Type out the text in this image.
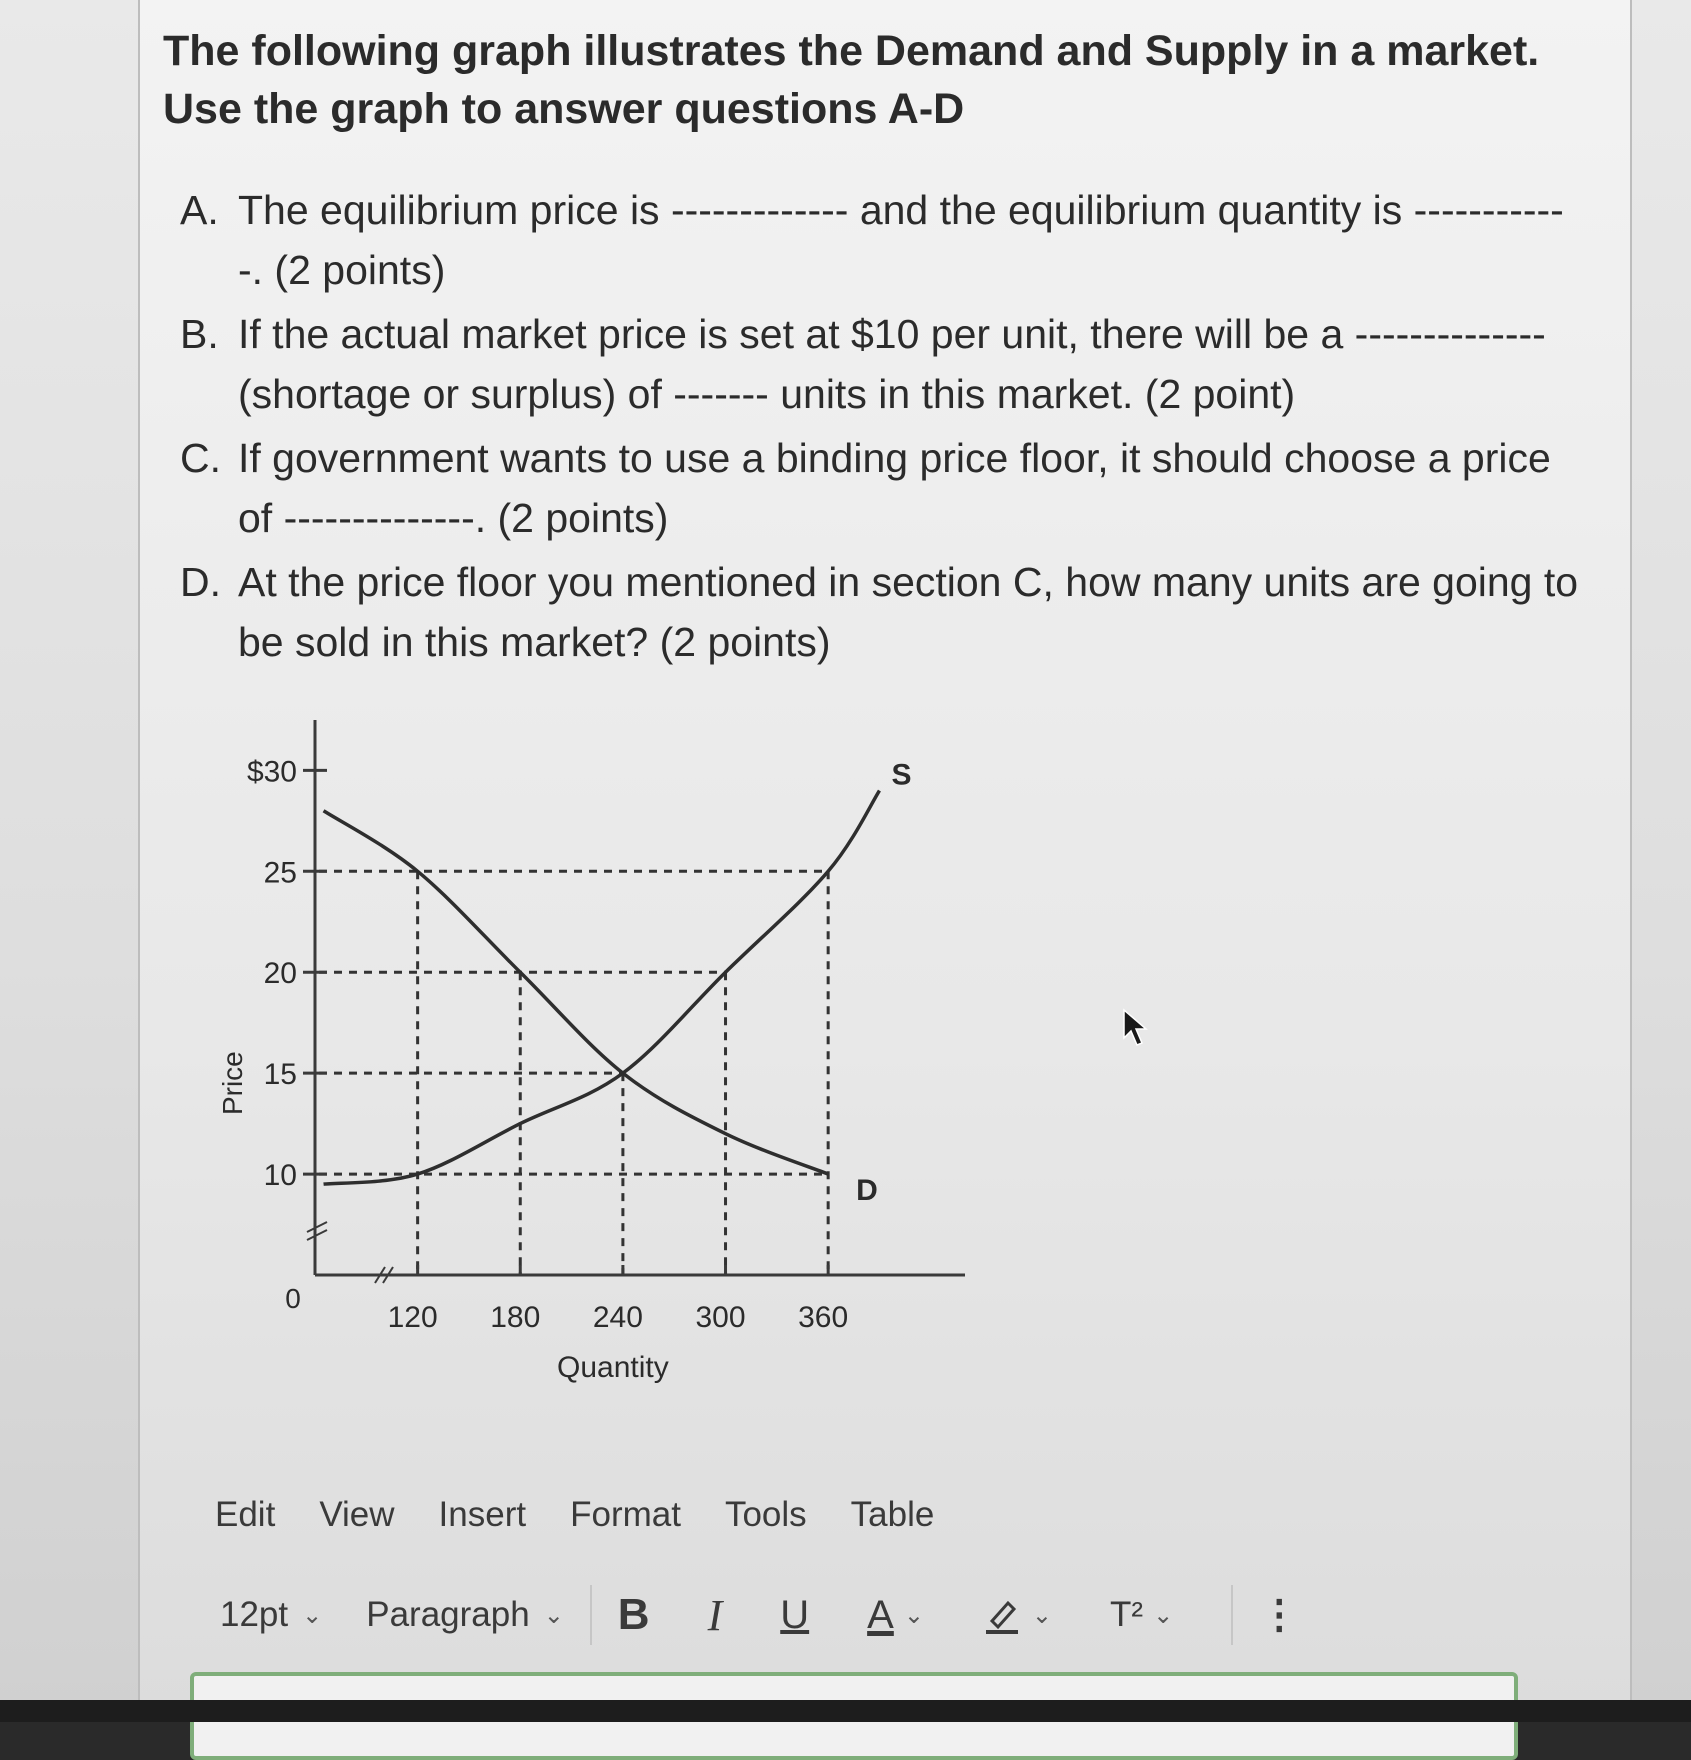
The following graph illustrates the Demand and Supply in a market. Use the graph to answer questions A-D
A. The equilibrium price is ------------- and the equilibrium quantity is ------------. (2 points)
B. If the actual market price is set at $10 per unit, there will be a -------------- (shortage or surplus) of ------- units in this market. (2 point)
C. If government wants to use a binding price floor, it should choose a price of --------------. (2 points)
D. At the price floor you mentioned in section C, how many units are going to be sold in this market? (2 points)
10
15
20
25
$30
120 180 240 300 360
0
Quantity
Price
S
D
Edit View Insert Format Tools Table
12pt ⌄ Paragraph ⌄ B I U A ⌄	⌄ T² ⌄ ⋮
